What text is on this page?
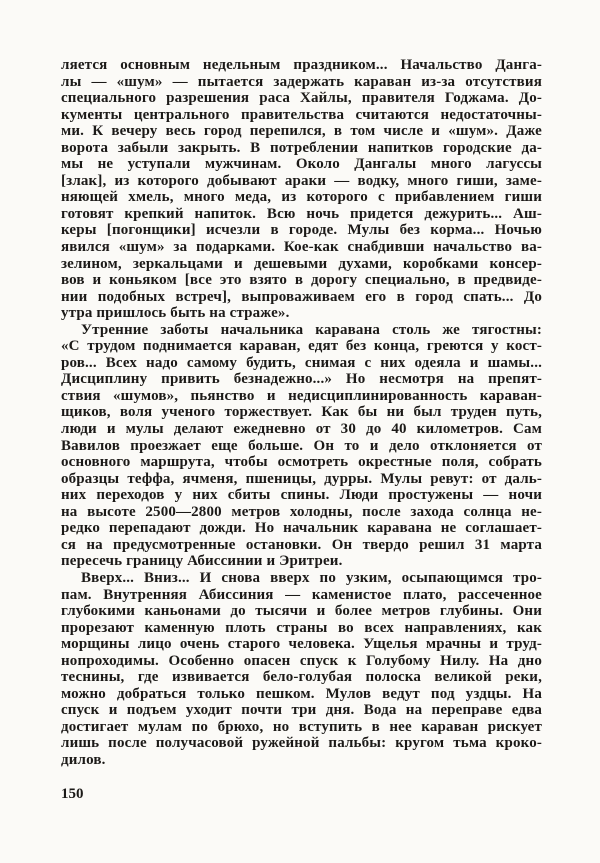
ляется основным недельным праздником... Начальство Данга-
лы — «шум» — пытается задержать караван из-за отсутствия
специального разрешения раса Хайлы, правителя Годжама. До-
кументы центрального правительства считаются недостаточны-
ми. К вечеру весь город перепился, в том числе и «шум». Даже
ворота забыли закрыть. В потреблении напитков городские да-
мы не уступали мужчинам. Около Дангалы много лагуссы
[злак], из которого добывают араки — водку, много гиши, заме-
няющей хмель, много меда, из которого с прибавлением гиши
готовят крепкий напиток. Всю ночь придется дежурить... Аш-
керы [погонщики] исчезли в городе. Мулы без корма... Ночью
явился «шум» за подарками. Кое-как снабдивши начальство ва-
зелином, зеркальцами и дешевыми духами, коробками консер-
вов и коньяком [все это взято в дорогу специально, в предвиде-
нии подобных встреч], выпроваживаем его в город спать... До
утра пришлось быть на страже».
Утренние заботы начальника каравана столь же тягостны:
«С трудом поднимается караван, едят без конца, греются у кост-
ров... Всех надо самому будить, снимая с них одеяла и шамы...
Дисциплину привить безнадежно...» Но несмотря на препят-
ствия «шумов», пьянство и недисциплинированность караван-
щиков, воля ученого торжествует. Как бы ни был труден путь,
люди и мулы делают ежедневно от 30 до 40 километров. Сам
Вавилов проезжает еще больше. Он то и дело отклоняется от
основного маршрута, чтобы осмотреть окрестные поля, собрать
образцы теффа, ячменя, пшеницы, дурры. Мулы ревут: от даль-
них переходов у них сбиты спины. Люди простужены — ночи
на высоте 2500—2800 метров холодны, после захода солнца не-
редко перепадают дожди. Но начальник каравана не соглашает-
ся на предусмотренные остановки. Он твердо решил 31 марта
пересечь границу Абиссинии и Эритреи.
Вверх... Вниз... И снова вверх по узким, осыпающимся тро-
пам. Внутренняя Абиссиния — каменистое плато, рассеченное
глубокими каньонами до тысячи и более метров глубины. Они
прорезают каменную плоть страны во всех направлениях, как
морщины лицо очень старого человека. Ущелья мрачны и труд-
нопроходимы. Особенно опасен спуск к Голубому Нилу. На дно
теснины, где извивается бело-голубая полоска великой реки,
можно добраться только пешком. Мулов ведут под уздцы. На
спуск и подъем уходит почти три дня. Вода на переправе едва
достигает мулам по брюхо, но вступить в нее караван рискует
лишь после получасовой ружейной пальбы: кругом тьма кроко-
дилов.
150
